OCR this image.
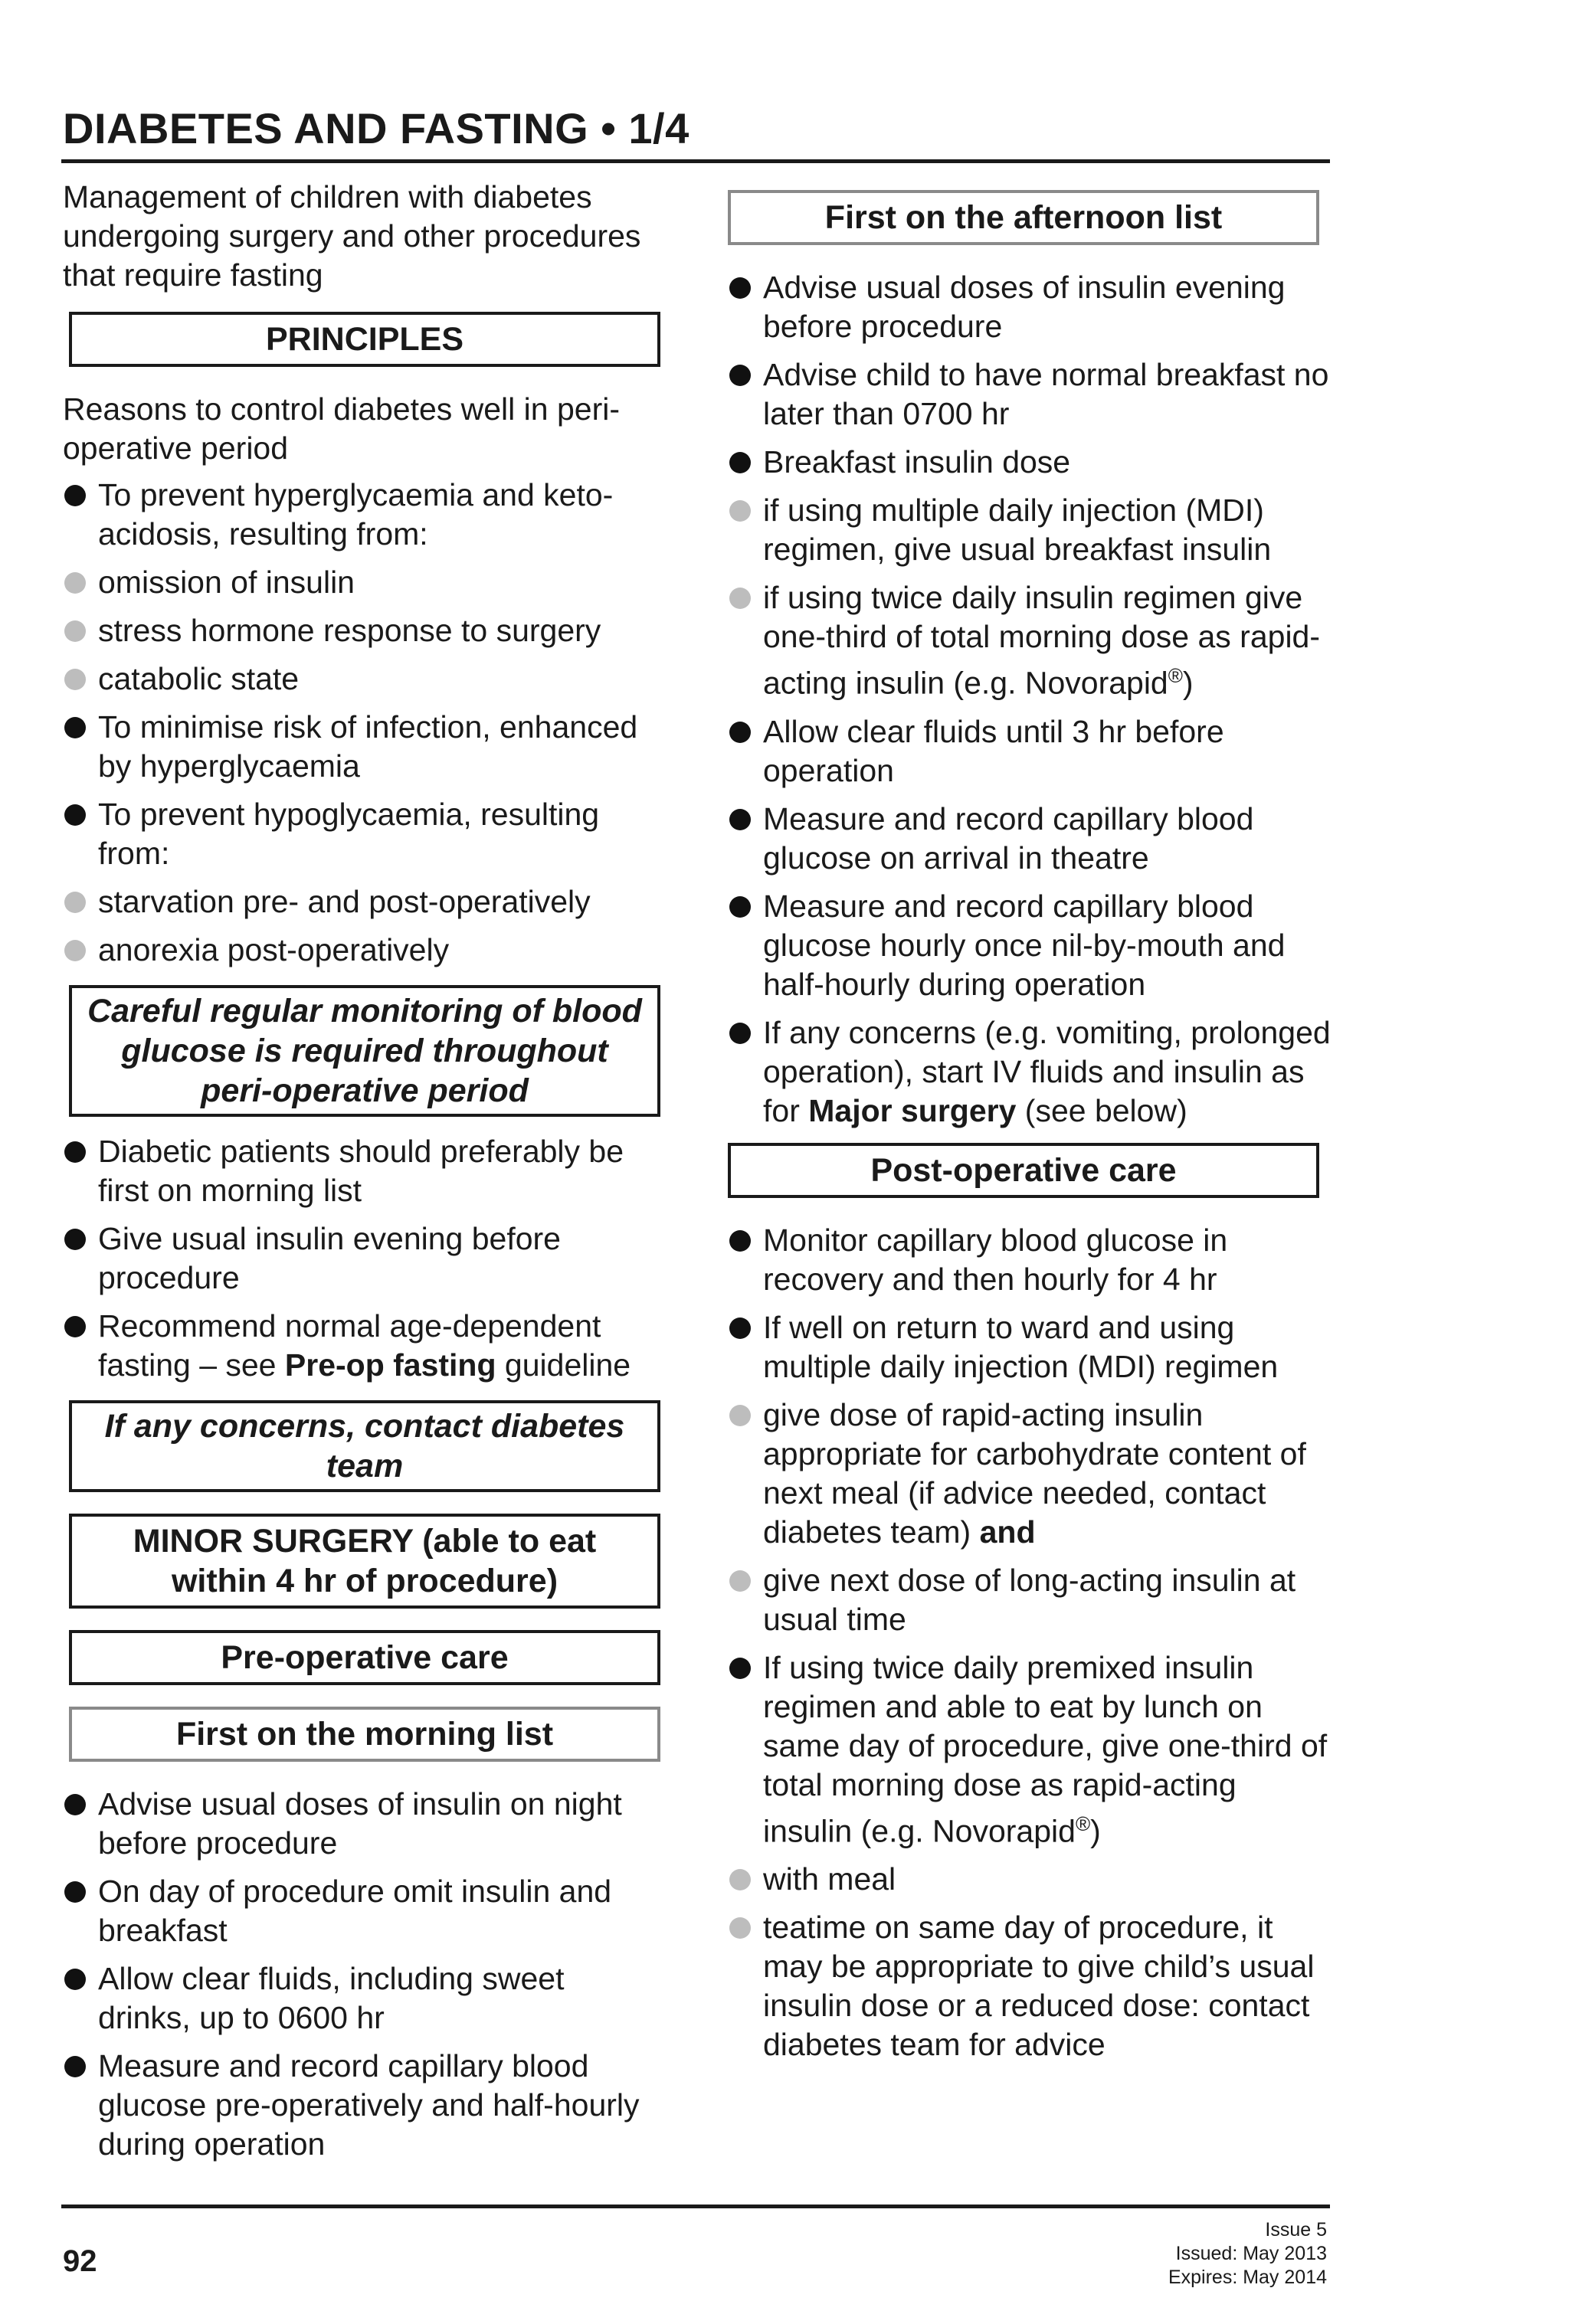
DIABETES AND FASTING • 1/4

Management of children with diabetes undergoing surgery and other procedures that require fasting

PRINCIPLES

Reasons to control diabetes well in peri-operative period

To prevent hyperglycaemia and keto-acidosis, resulting from:
omission of insulin
stress hormone response to surgery
catabolic state
To minimise risk of infection, enhanced by hyperglycaemia
To prevent hypoglycaemia, resulting from:
starvation pre- and post-operatively
anorexia post-operatively
Careful regular monitoring of blood glucose is required throughout peri-operative period
Diabetic patients should preferably be first on morning list
Give usual insulin evening before procedure
Recommend normal age-dependent fasting – see Pre-op fasting guideline
If any concerns, contact diabetes team
MINOR SURGERY (able to eat within 4 hr of procedure)
Pre-operative care
First on the morning list
Advise usual doses of insulin on night before procedure
On day of procedure omit insulin and breakfast
Allow clear fluids, including sweet drinks, up to 0600 hr
Measure and record capillary blood glucose pre-operatively and half-hourly during operation
First on the afternoon list
Advise usual doses of insulin evening before procedure
Advise child to have normal breakfast no later than 0700 hr
Breakfast insulin dose
if using multiple daily injection (MDI) regimen, give usual breakfast insulin
if using twice daily insulin regimen give one-third of total morning dose as rapid-acting insulin (e.g. Novorapid®)
Allow clear fluids until 3 hr before operation
Measure and record capillary blood glucose on arrival in theatre
Measure and record capillary blood glucose hourly once nil-by-mouth and half-hourly during operation
If any concerns (e.g. vomiting, prolonged operation), start IV fluids and insulin as for Major surgery (see below)
Post-operative care
Monitor capillary blood glucose in recovery and then hourly for 4 hr
If well on return to ward and using multiple daily injection (MDI) regimen
give dose of rapid-acting insulin appropriate for carbohydrate content of next meal (if advice needed, contact diabetes team) and
give next dose of long-acting insulin at usual time
If using twice daily premixed insulin regimen and able to eat by lunch on same day of procedure, give one-third of total morning dose as rapid-acting insulin (e.g. Novorapid®)
with meal
teatime on same day of procedure, it may be appropriate to give child’s usual insulin dose or a reduced dose: contact diabetes team for advice
92
Issue 5
Issued: May 2013
Expires: May 2014
